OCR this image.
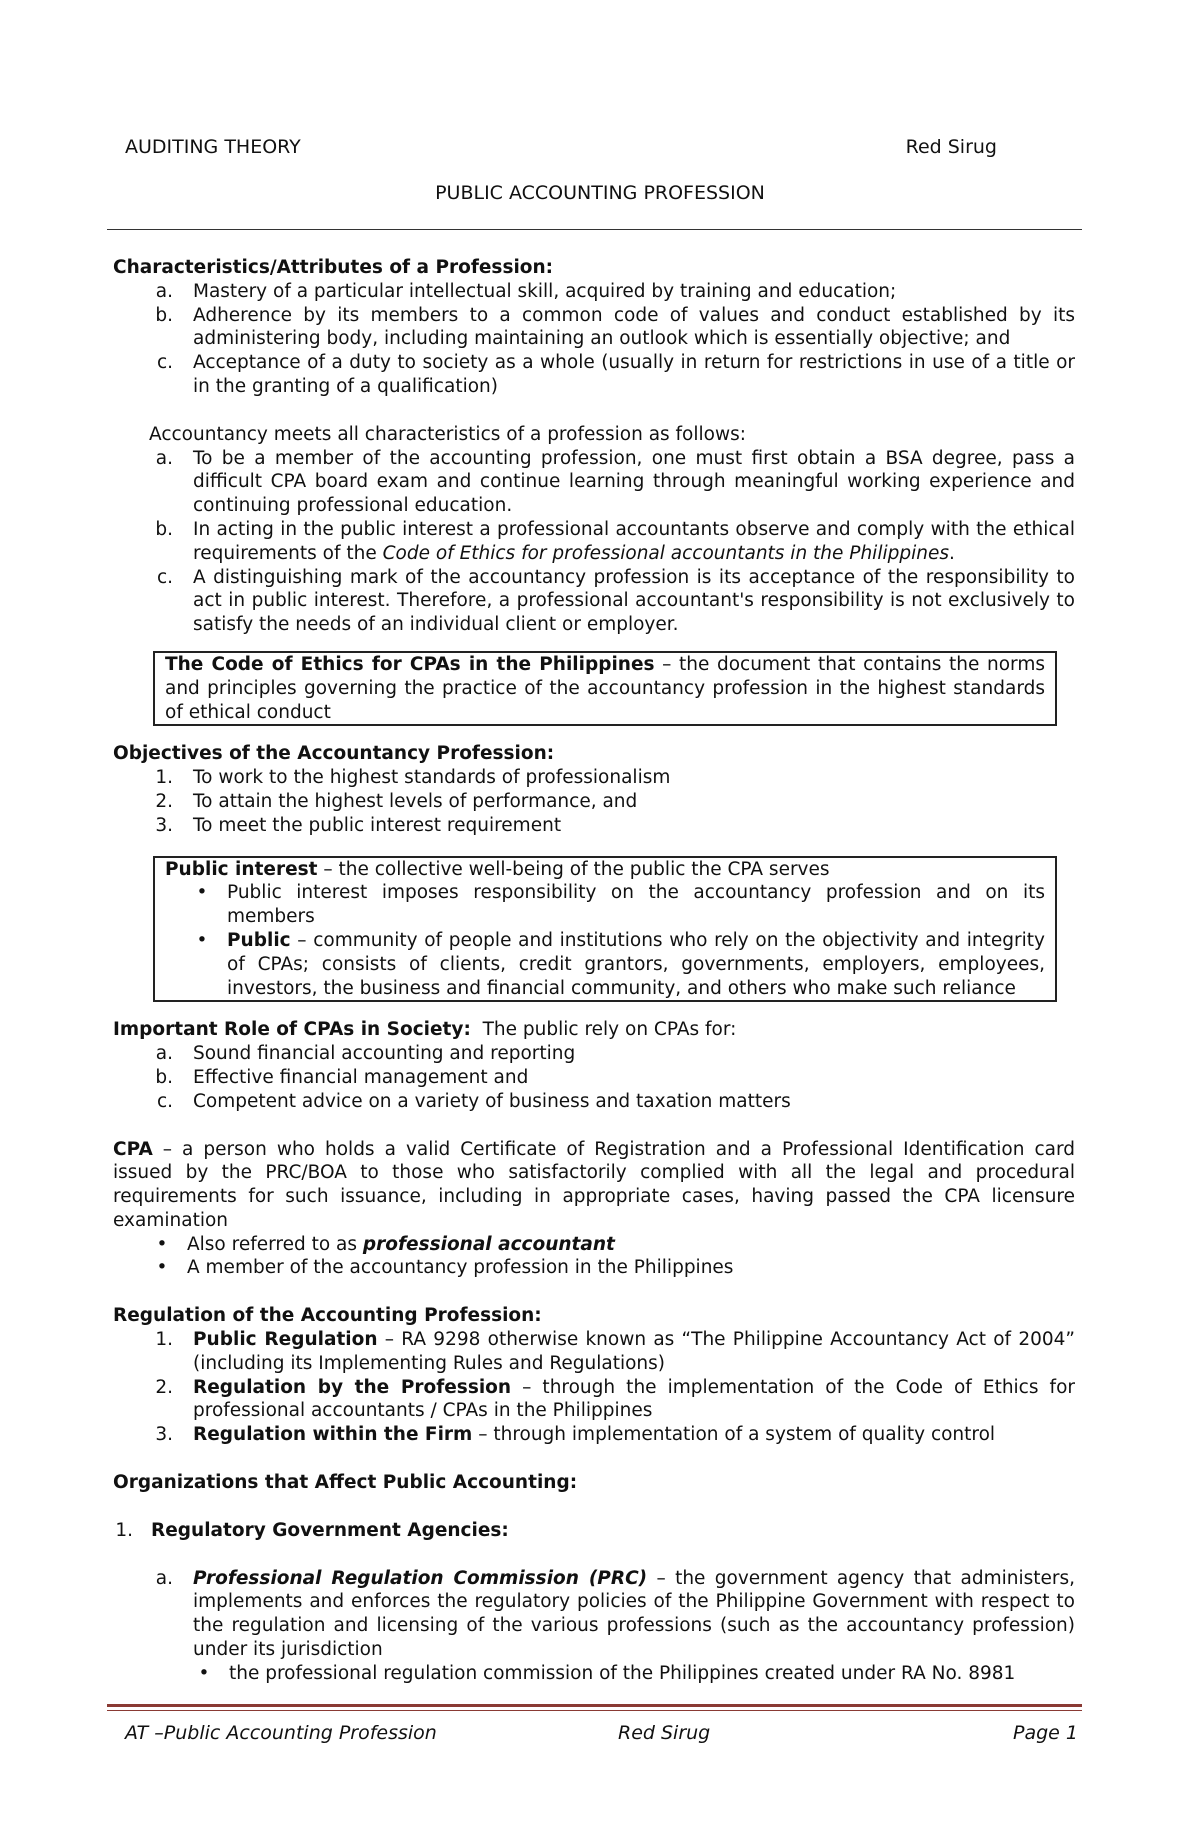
AUDITING THEORY	Red Sirug
PUBLIC ACCOUNTING PROFESSION

Characteristics/Attributes of a Profession:

a.	Mastery of a particular intellectual skill, acquired by training and education;
b.	Adherence by its members to a common code of values and conduct established by its administering body, including maintaining an outlook which is essentially objective; and
c.	Acceptance of a duty to society as a whole (usually in return for restrictions in use of a title or in the granting of a qualification)

Accountancy meets all characteristics of a profession as follows:

a.	To be a member of the accounting profession, one must first obtain a BSA degree, pass a difficult CPA board exam and continue learning through meaningful working experience and continuing professional education.
b.	In acting in the public interest a professional accountants observe and comply with the ethical requirements of the Code of Ethics for professional accountants in the Philippines.
c.	A distinguishing mark of the accountancy profession is its acceptance of the responsibility to act in public interest. Therefore, a professional accountant's responsibility is not exclusively to satisfy the needs of an individual client or employer.
The Code of Ethics for CPAs in the Philippines – the document that contains the norms and principles governing the practice of the accountancy profession in the highest standards of ethical conduct

Objectives of the Accountancy Profession:

1.	To work to the highest standards of professionalism
2.	To attain the highest levels of performance, and
3.	To meet the public interest requirement
Public interest – the collective well-being of the public the CPA serves
•	Public interest imposes responsibility on the accountancy profession and on its members
•	Public – community of people and institutions who rely on the objectivity and integrity of CPAs; consists of clients, credit grantors, governments, employers, employees, investors, the business and financial community, and others who make such reliance

Important Role of CPAs in Society:  The public rely on CPAs for:

a.	Sound financial accounting and reporting
b.	Effective financial management and
c.	Competent advice on a variety of business and taxation matters

CPA – a person who holds a valid Certificate of Registration and a Professional Identification card issued by the PRC/BOA to those who satisfactorily complied with all the legal and procedural requirements for such issuance, including in appropriate cases, having passed the CPA licensure examination

•	Also referred to as professional accountant
•	A member of the accountancy profession in the Philippines

Regulation of the Accounting Profession:

1.	Public Regulation – RA 9298 otherwise known as “The Philippine Accountancy Act of 2004” (including its Implementing Rules and Regulations)
2.	Regulation by the Profession – through the implementation of the Code of Ethics for professional accountants / CPAs in the Philippines
3.	Regulation within the Firm – through implementation of a system of quality control

Organizations that Affect Public Accounting:

1. Regulatory Government Agencies:
a.	Professional Regulation Commission (PRC) – the government agency that administers, implements and enforces the regulatory policies of the Philippine Government with respect to the regulation and licensing of the various professions (such as the accountancy profession) under its jurisdiction
•	the professional regulation commission of the Philippines created under RA No. 8981
AT –Public Accounting Profession	Red Sirug	Page 1
